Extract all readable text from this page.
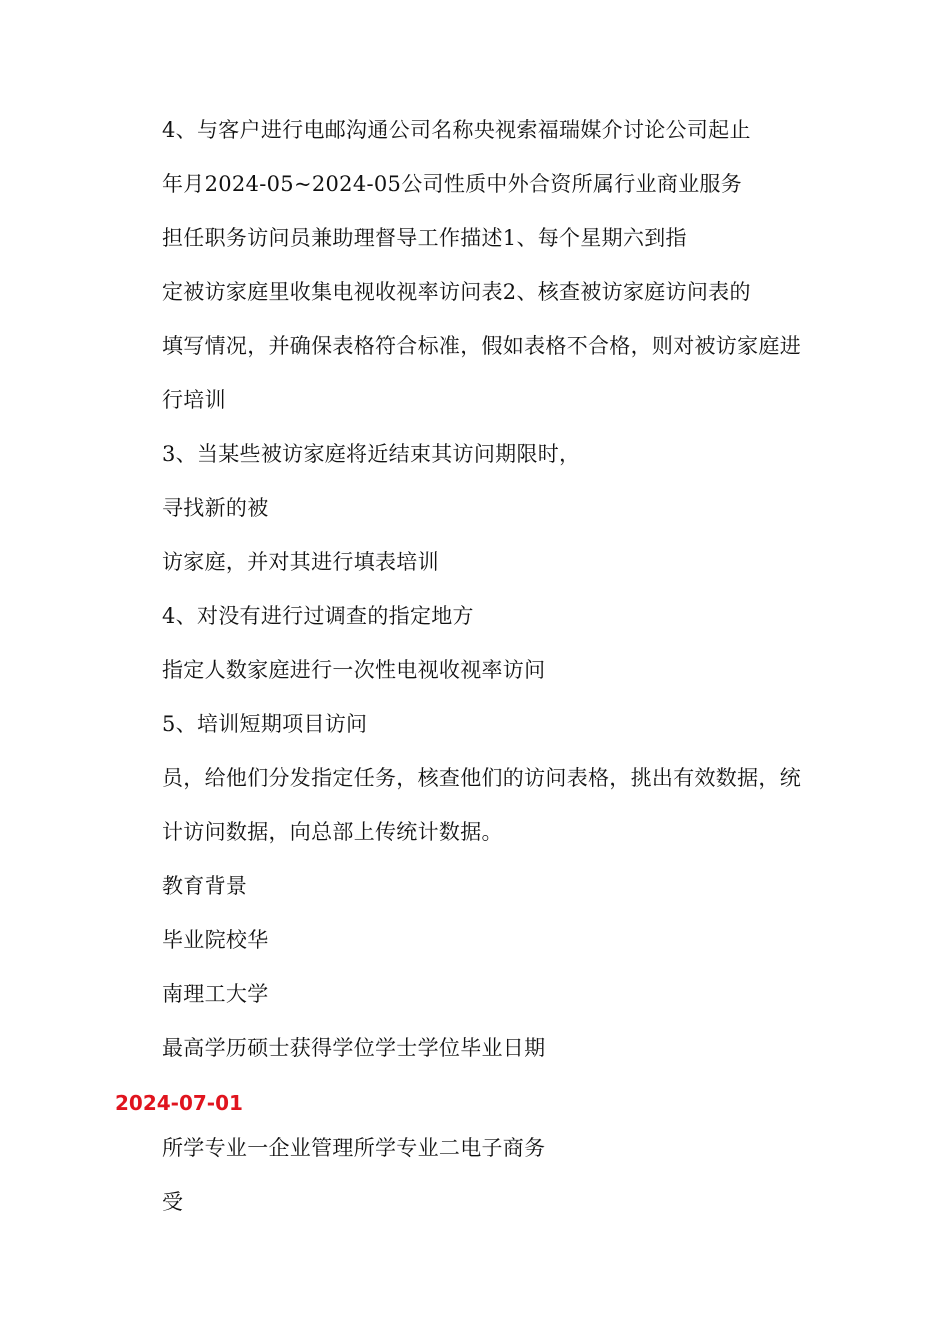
4、与客户进行电邮沟通公司名称央视索福瑞媒介讨论公司起止
年月2024-05~2024-05公司性质中外合资所属行业商业服务
担任职务访问员兼助理督导工作描述1、每个星期六到指
定被访家庭里收集电视收视率访问表2、核查被访家庭访问表的
填写情况，并确保表格符合标准，假如表格不合格，则对被访家庭进
行培训
3、当某些被访家庭将近结束其访问期限时，
寻找新的被
访家庭，并对其进行填表培训
4、对没有进行过调查的指定地方
指定人数家庭进行一次性电视收视率访问
5、培训短期项目访问
员，给他们分发指定任务，核查他们的访问表格，挑出有效数据，统
计访问数据，向总部上传统计数据。
教育背景
毕业院校华
南理工大学
最高学历硕士获得学位学士学位毕业日期
2024-07-01
所学专业一企业管理所学专业二电子商务
受
